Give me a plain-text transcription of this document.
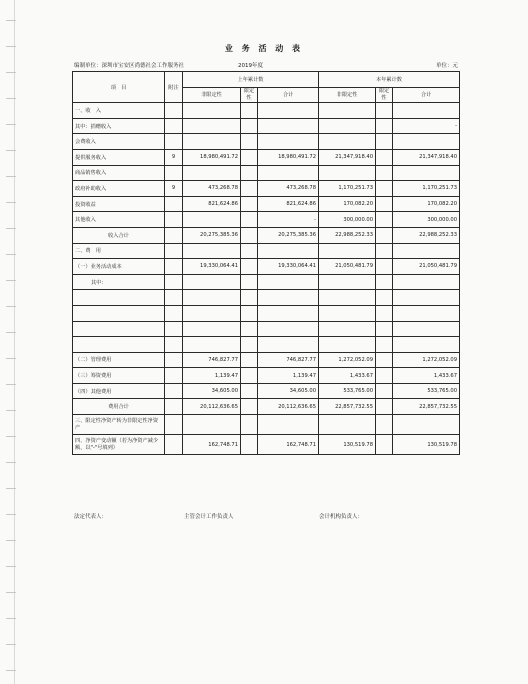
业 务 活 动 表
编制单位：深圳市宝安区尚德社会工作服务社	2019年度	单位：元
项　目	附注	上年累计数			本年累计数		
		非限定性	限定性	合计	非限定性	限定性	合计
一、收　入							
其中：捐赠收入							-
会费收入							
提供服务收入	9	18,980,491.72		18,980,491.72	21,347,918.40		21,347,918.40
商品销售收入							
政府补助收入	9	473,268.78		473,268.78	1,170,251.73		1,170,251.73
投资收益		821,624.86		821,624.86	170,082.20		170,082.20
其他收入				-	300,000.00		300,000.00
收入合计		20,275,385.36		20,275,385.36	22,988,252.33		22,988,252.33
二、费　用							
（一）业务活动成本		19,330,064.41		19,330,064.41	21,050,481.79		21,050,481.79
其中：							

（二）管理费用		746,827.77		746,827.77	1,272,052.09		1,272,052.09
（三）筹资费用		1,139.47		1,139.47	1,433.67		1,433.67
（四）其他费用		34,605.00		34,605.00	533,765.00		533,765.00
费用合计		20,112,636.65		20,112,636.65	22,857,732.55		22,857,732.55
三、限定性净资产转为非限定性净资产							
四、净资产变动额（若为净资产减少额，以"-"号填列）		162,748.71		162,748.71	130,519.78		130,519.78
法定代表人：	主管会计工作负责人	会计机构负责人：
